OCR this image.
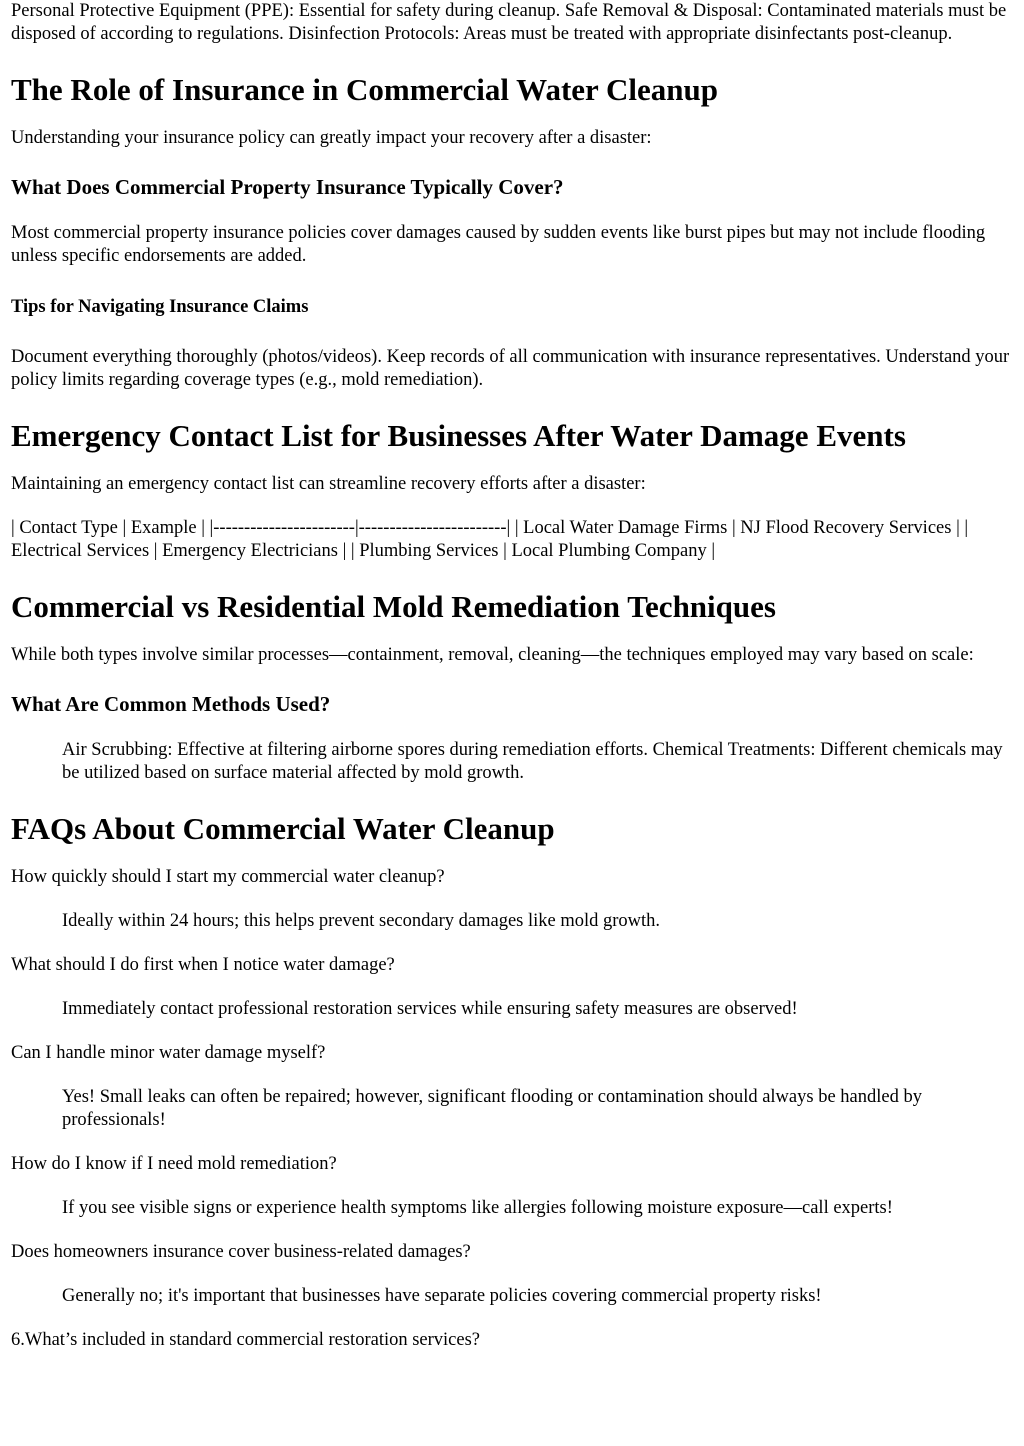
Personal Protective Equipment (PPE): Essential for safety during cleanup. Safe Removal & Disposal: Contaminated materials must be disposed of according to regulations. Disinfection Protocols: Areas must be treated with appropriate disinfectants post-cleanup.

The Role of Insurance in Commercial Water Cleanup

Understanding your insurance policy can greatly impact your recovery after a disaster:

What Does Commercial Property Insurance Typically Cover?

Most commercial property insurance policies cover damages caused by sudden events like burst pipes but may not include flooding unless specific endorsements are added.

Tips for Navigating Insurance Claims

Document everything thoroughly (photos/videos). Keep records of all communication with insurance representatives. Understand your policy limits regarding coverage types (e.g., mold remediation).

Emergency Contact List for Businesses After Water Damage Events

Maintaining an emergency contact list can streamline recovery efforts after a disaster:

| Contact Type | Example | |-----------------------|------------------------| | Local Water Damage Firms | NJ Flood Recovery Services | | Electrical Services | Emergency Electricians | | Plumbing Services | Local Plumbing Company |

Commercial vs Residential Mold Remediation Techniques

While both types involve similar processes—containment, removal, cleaning—the techniques employed may vary based on scale:

What Are Common Methods Used?

Air Scrubbing: Effective at filtering airborne spores during remediation efforts. Chemical Treatments: Different chemicals may be utilized based on surface material affected by mold growth.

FAQs About Commercial Water Cleanup

How quickly should I start my commercial water cleanup?

Ideally within 24 hours; this helps prevent secondary damages like mold growth.

What should I do first when I notice water damage?

Immediately contact professional restoration services while ensuring safety measures are observed!

Can I handle minor water damage myself?

Yes! Small leaks can often be repaired; however, significant flooding or contamination should always be handled by professionals!

How do I know if I need mold remediation?

If you see visible signs or experience health symptoms like allergies following moisture exposure—call experts!

Does homeowners insurance cover business-related damages?

Generally no; it's important that businesses have separate policies covering commercial property risks!

6.What’s included in standard commercial restoration services?
